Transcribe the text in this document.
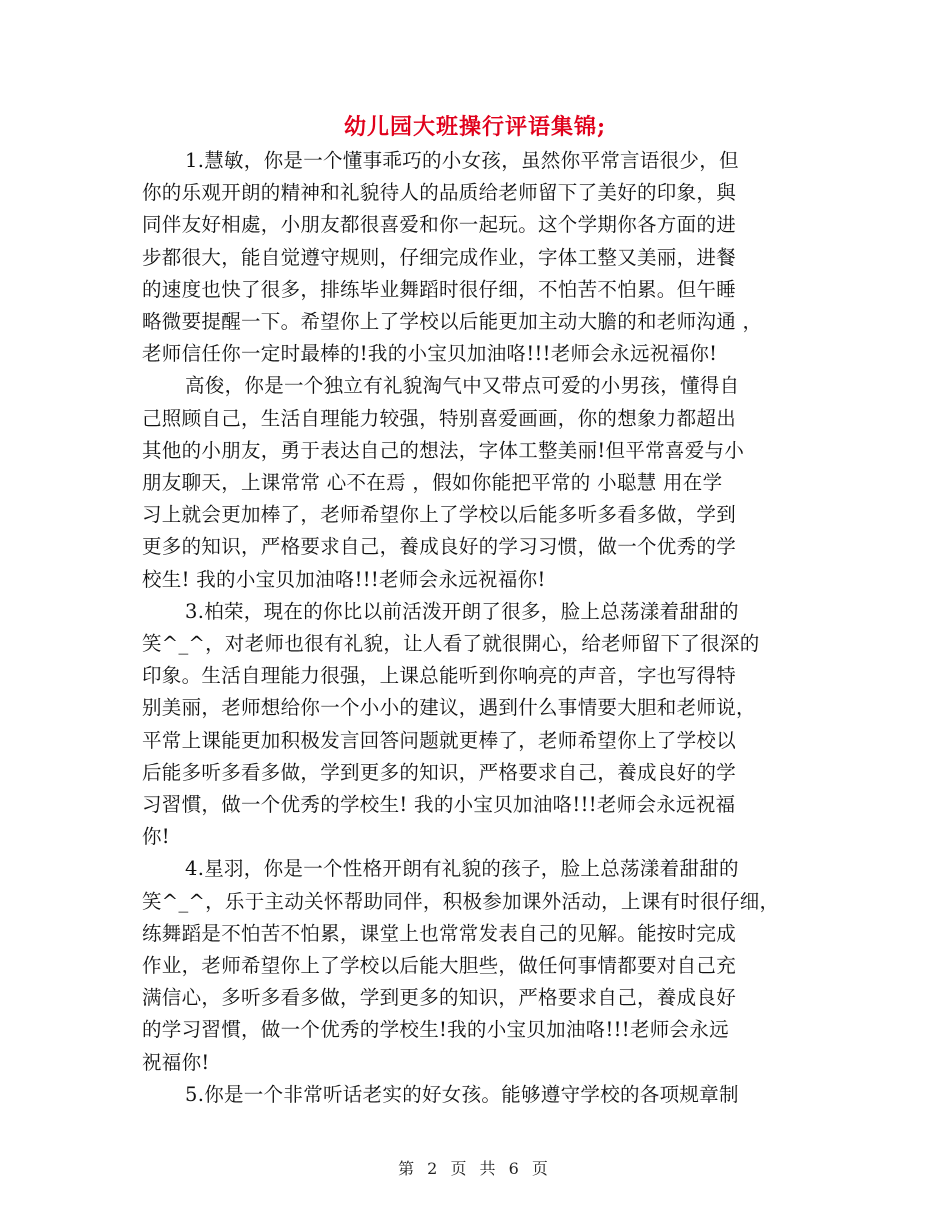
幼儿园大班操行评语集锦;
1.慧敏，你是一个懂事乖巧的小女孩，虽然你平常言语很少，但
你的乐观开朗的精神和礼貌待人的品质给老师留下了美好的印象，與
同伴友好相處，小朋友都很喜爱和你一起玩。这个学期你各方面的进
步都很大，能自觉遵守规则，仔细完成作业，字体工整又美丽，进餐
的速度也快了很多，排练毕业舞蹈时很仔细，不怕苦不怕累。但午睡
略微要提醒一下。希望你上了学校以后能更加主动大膽的和老师沟通 ，
老师信任你一定时最棒的!我的小宝贝加油咯!!!老师会永远祝福你!
高俊，你是一个独立有礼貌淘气中又带点可爱的小男孩，懂得自
己照顾自己，生活自理能力较强，特别喜爱画画，你的想象力都超出
其他的小朋友，勇于表达自己的想法，字体工整美丽!但平常喜爱与小
朋友聊天，上课常常 心不在焉 ，假如你能把平常的 小聪慧 用在学
习上就会更加棒了，老师希望你上了学校以后能多听多看多做，学到
更多的知识，严格要求自己，養成良好的学习习惯，做一个优秀的学
校生! 我的小宝贝加油咯!!!老师会永远祝福你!
3.柏荣，現在的你比以前活泼开朗了很多，脸上总荡漾着甜甜的
笑^_^，对老师也很有礼貌，让人看了就很開心，给老师留下了很深的
印象。生活自理能力很强，上课总能听到你响亮的声音，字也写得特
别美丽，老师想给你一个小小的建议，遇到什么事情要大胆和老师说，
平常上课能更加积极发言回答问题就更棒了，老师希望你上了学校以
后能多听多看多做，学到更多的知识，严格要求自己，養成良好的学
习習慣，做一个优秀的学校生! 我的小宝贝加油咯!!!老师会永远祝福
你!
4.星羽，你是一个性格开朗有礼貌的孩子，脸上总荡漾着甜甜的
笑^_^，乐于主动关怀帮助同伴，积极参加课外活动，上课有时很仔细，
练舞蹈是不怕苦不怕累，课堂上也常常发表自己的见解。能按时完成
作业，老师希望你上了学校以后能大胆些，做任何事情都要对自己充
满信心，多听多看多做，学到更多的知识，严格要求自己，養成良好
的学习習慣，做一个优秀的学校生!我的小宝贝加油咯!!!老师会永远
祝福你!
5.你是一个非常听话老实的好女孩。能够遵守学校的各项规章制
第 2 页 共 6 页
